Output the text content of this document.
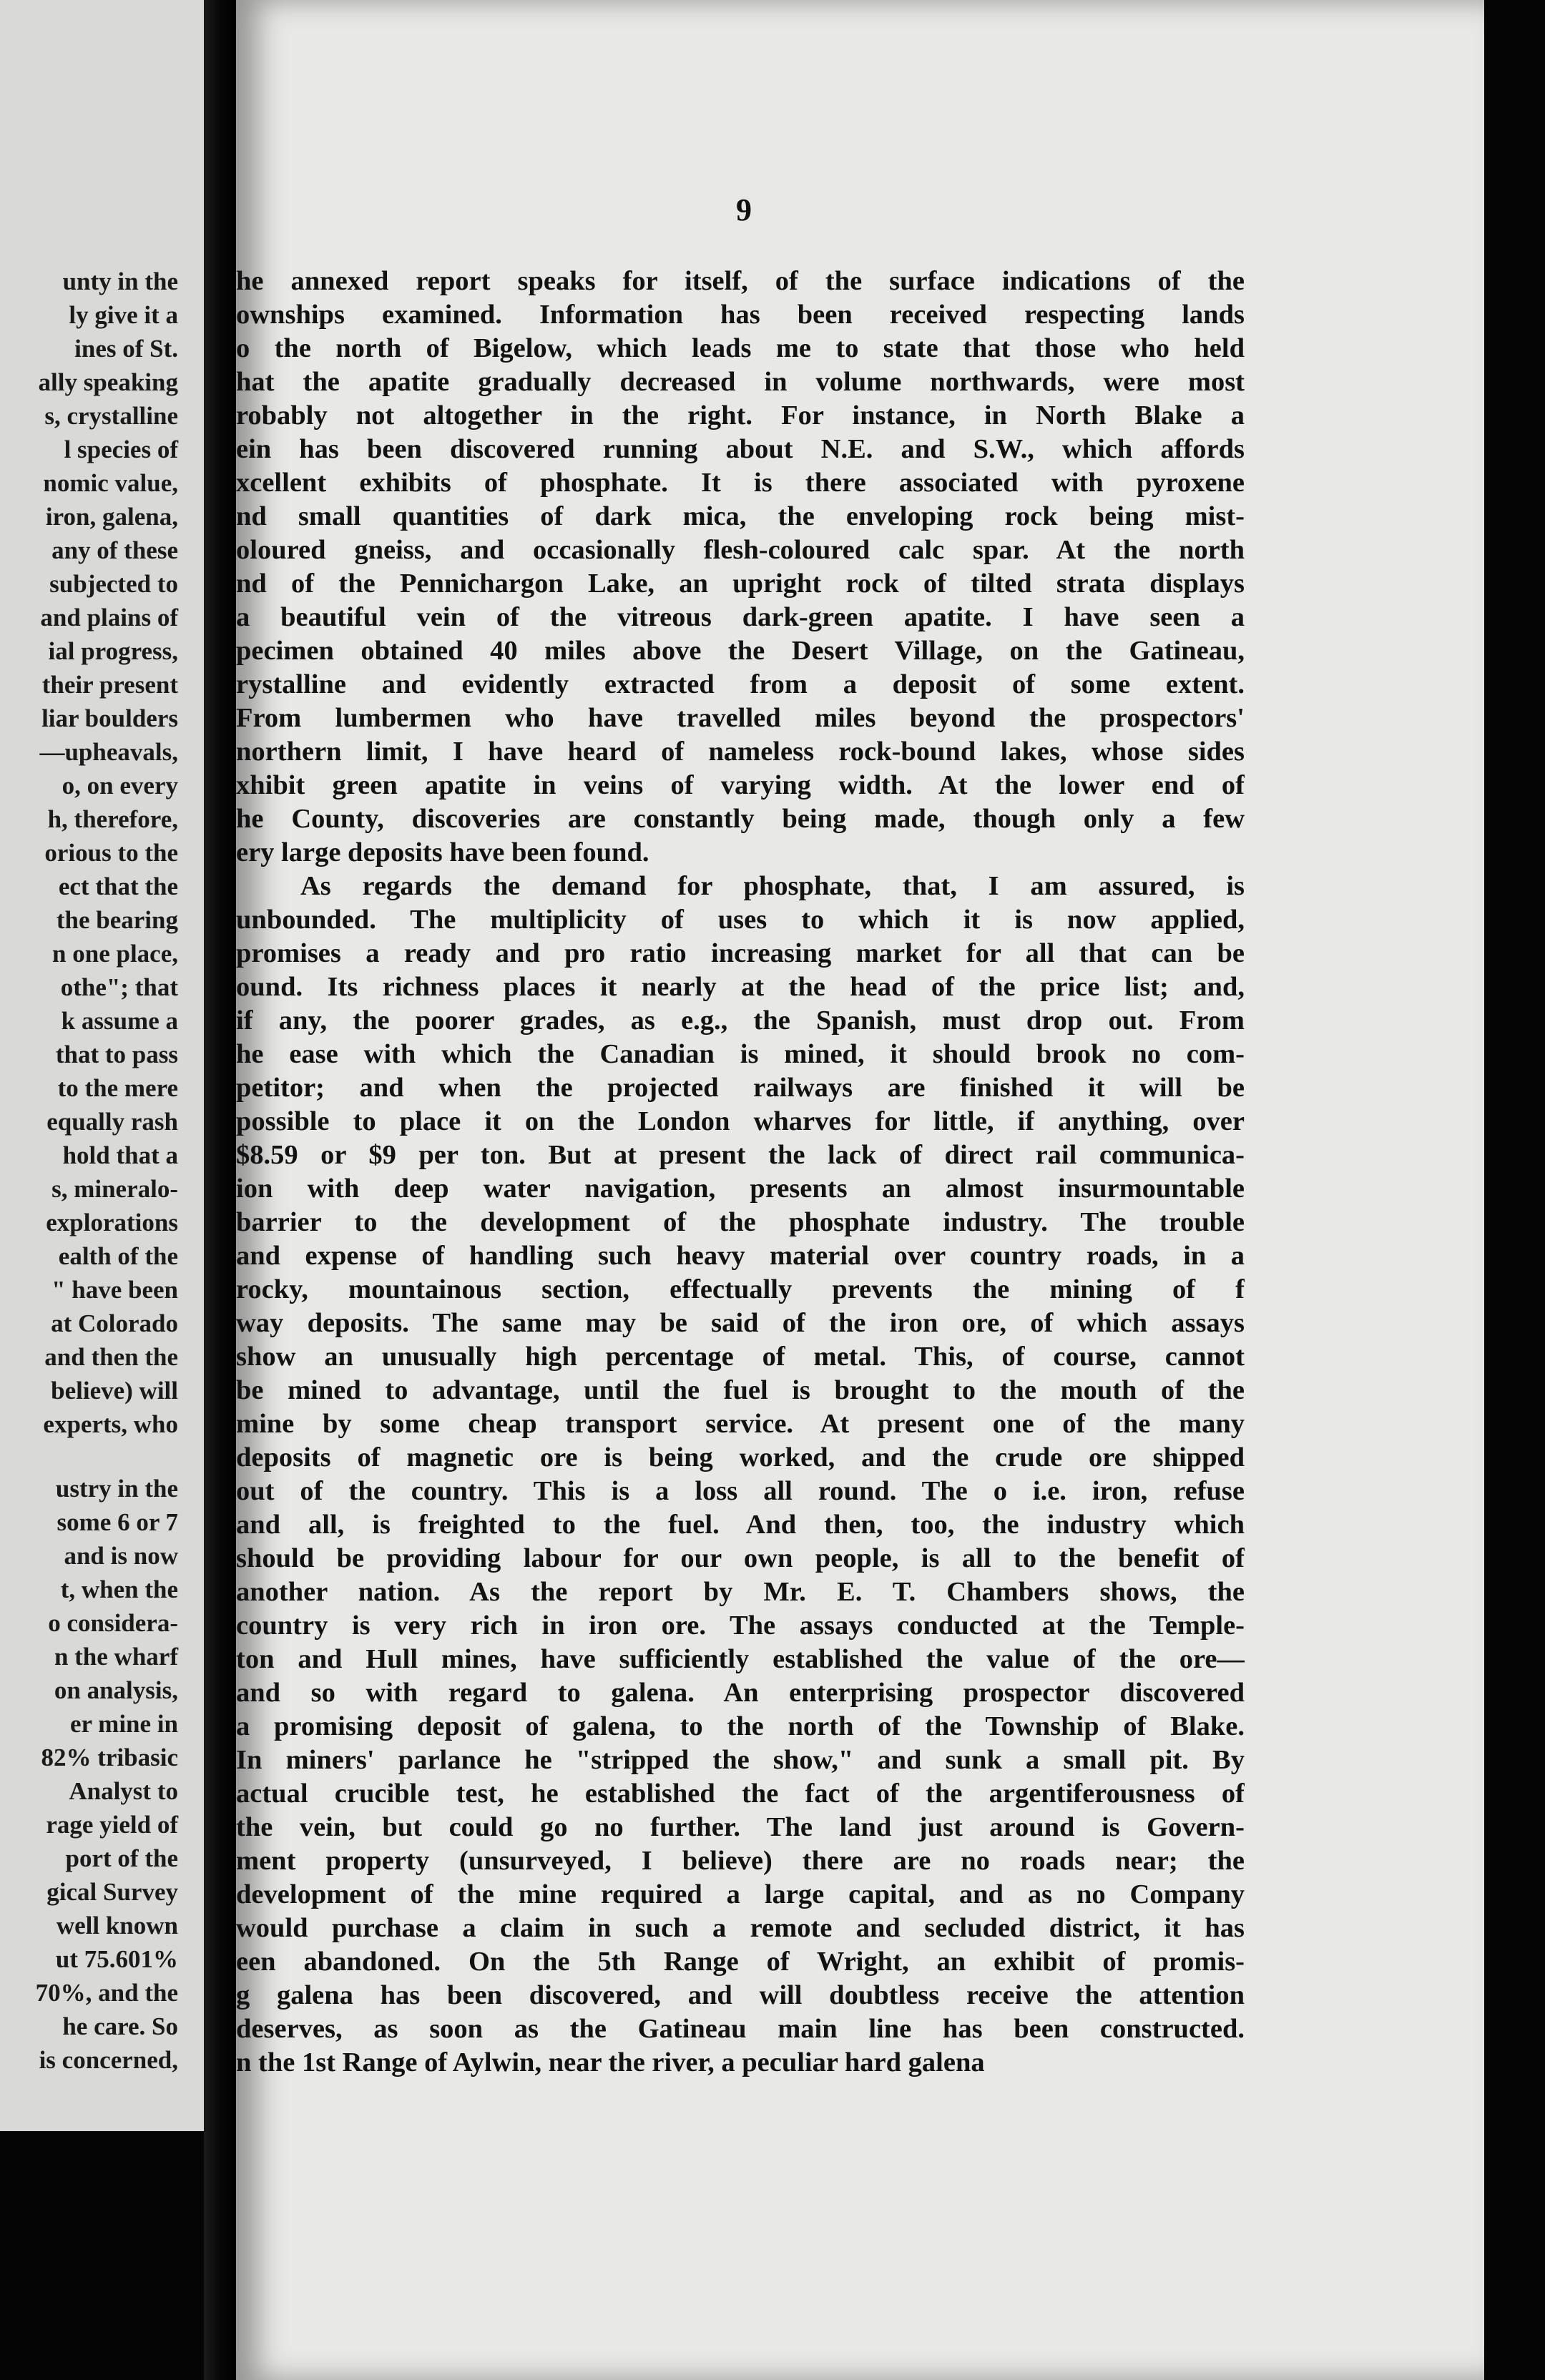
unty in the
ly give it a
ines of St.
ally speaking
s, crystalline
l species of
nomic value,
iron, galena,
any of these
subjected to
and plains of
ial progress,
their present
liar boulders
—upheavals,
o, on every
h, therefore,
orious to the
ect that the
the bearing
n one place,
othe"; that
k assume a
that to pass
to the mere
equally rash
hold that a
s, mineralo-
explorations
ealth of the
" have been
at Colorado
and then the
believe) will
experts, who
ustry in the
some 6 or 7
and is now
t, when the
o considera-
n the wharf
on analysis,
er mine in
82% tribasic
Analyst to
rage yield of
port of the
gical Survey
well known
ut 75.601%
70%, and the
he care. So
is concerned,
9
he annexed report speaks for itself, of the surface indications of the
ownships examined. Information has been received respecting lands
o the north of Bigelow, which leads me to state that those who held
hat the apatite gradually decreased in volume northwards, were most
robably not altogether in the right. For instance, in North Blake a
ein has been discovered running about N.E. and S.W., which affords
xcellent exhibits of phosphate. It is there associated with pyroxene
nd small quantities of dark mica, the enveloping rock being mist-
oloured gneiss, and occasionally flesh-coloured calc spar. At the north
nd of the Pennichargon Lake, an upright rock of tilted strata displays
a beautiful vein of the vitreous dark-green apatite. I have seen a
pecimen obtained 40 miles above the Desert Village, on the Gatineau,
rystalline and evidently extracted from a deposit of some extent.
From lumbermen who have travelled miles beyond the prospectors'
northern limit, I have heard of nameless rock-bound lakes, whose sides
xhibit green apatite in veins of varying width. At the lower end of
he County, discoveries are constantly being made, though only a few
ery large deposits have been found.
As regards the demand for phosphate, that, I am assured, is
unbounded. The multiplicity of uses to which it is now applied,
promises a ready and pro ratio increasing market for all that can be
ound. Its richness places it nearly at the head of the price list; and,
if any, the poorer grades, as e.g., the Spanish, must drop out. From
he ease with which the Canadian is mined, it should brook no com-
petitor; and when the projected railways are finished it will be
possible to place it on the London wharves for little, if anything, over
$8.59 or $9 per ton. But at present the lack of direct rail communica-
ion with deep water navigation, presents an almost insurmountable
barrier to the development of the phosphate industry. The trouble
and expense of handling such heavy material over country roads, in a
rocky, mountainous section, effectually prevents the mining of f
way deposits. The same may be said of the iron ore, of which assays
show an unusually high percentage of metal. This, of course, cannot
be mined to advantage, until the fuel is brought to the mouth of the
mine by some cheap transport service. At present one of the many
deposits of magnetic ore is being worked, and the crude ore shipped
out of the country. This is a loss all round. The o i.e. iron, refuse
and all, is freighted to the fuel. And then, too, the industry which
should be providing labour for our own people, is all to the benefit of
another nation. As the report by Mr. E. T. Chambers shows, the
country is very rich in iron ore. The assays conducted at the Temple-
ton and Hull mines, have sufficiently established the value of the ore—
and so with regard to galena. An enterprising prospector discovered
a promising deposit of galena, to the north of the Township of Blake.
In miners' parlance he "stripped the show," and sunk a small pit. By
actual crucible test, he established the fact of the argentiferousness of
the vein, but could go no further. The land just around is Govern-
ment property (unsurveyed, I believe) there are no roads near; the
development of the mine required a large capital, and as no Company
would purchase a claim in such a remote and secluded district, it has
een abandoned. On the 5th Range of Wright, an exhibit of promis-
g galena has been discovered, and will doubtless receive the attention
deserves, as soon as the Gatineau main line has been constructed.
n the 1st Range of Aylwin, near the river, a peculiar hard galena
